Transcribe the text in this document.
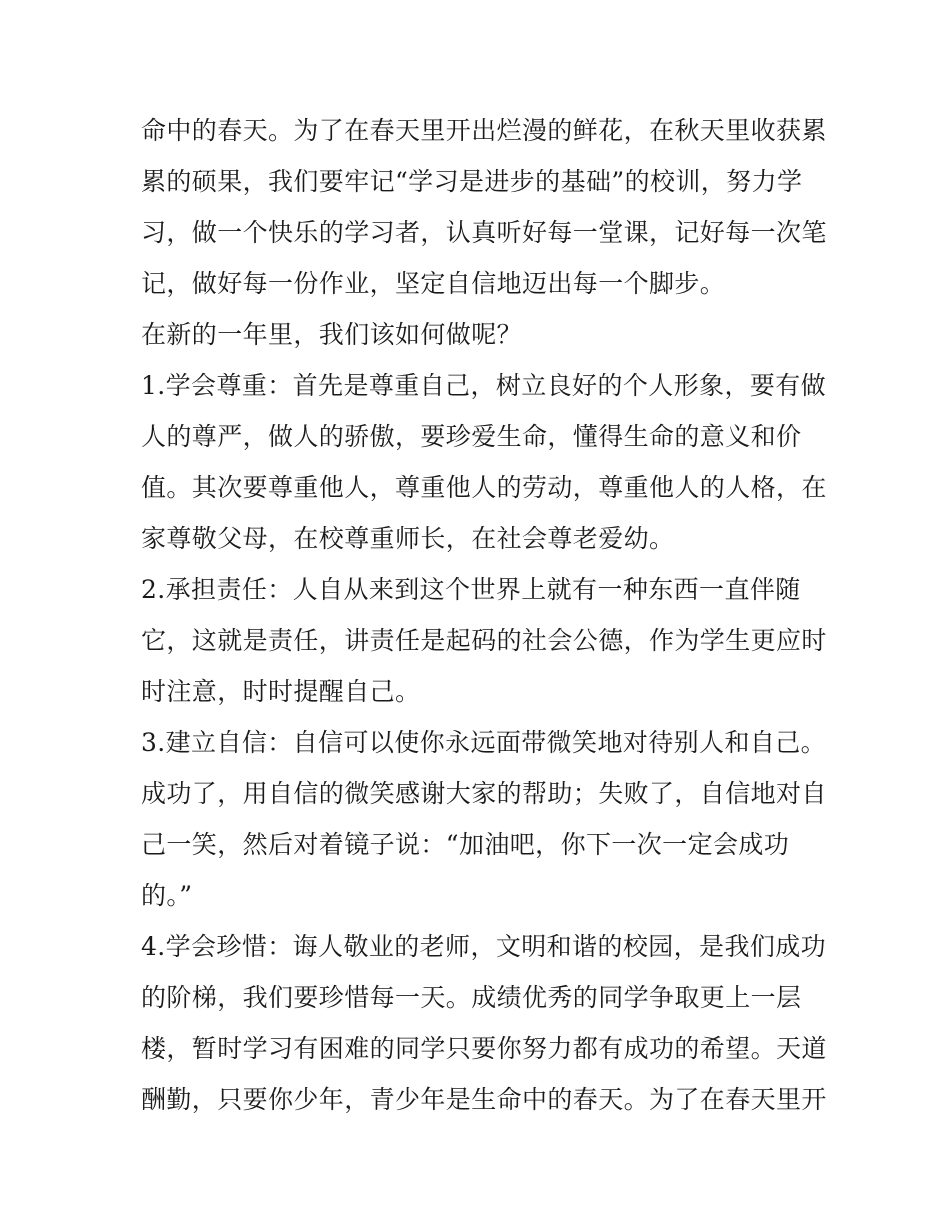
命中的春天。为了在春天里开出烂漫的鲜花，在秋天里收获累
累的硕果，我们要牢记“学习是进步的基础”的校训，努力学
习，做一个快乐的学习者，认真听好每一堂课，记好每一次笔
记，做好每一份作业，坚定自信地迈出每一个脚步。
在新的一年里，我们该如何做呢？
1.学会尊重：首先是尊重自己，树立良好的个人形象，要有做
人的尊严，做人的骄傲，要珍爱生命，懂得生命的意义和价
值。其次要尊重他人，尊重他人的劳动，尊重他人的人格，在
家尊敬父母，在校尊重师长，在社会尊老爱幼。
2.承担责任：人自从来到这个世界上就有一种东西一直伴随
它，这就是责任，讲责任是起码的社会公德，作为学生更应时
时注意，时时提醒自己。
3.建立自信：自信可以使你永远面带微笑地对待别人和自己。
成功了，用自信的微笑感谢大家的帮助；失败了，自信地对自
己一笑，然后对着镜子说：“加油吧，你下一次一定会成功
的。”
4.学会珍惜：诲人敬业的老师，文明和谐的校园，是我们成功
的阶梯，我们要珍惜每一天。成绩优秀的同学争取更上一层
楼，暂时学习有困难的同学只要你努力都有成功的希望。天道
酬勤，只要你少年，青少年是生命中的春天。为了在春天里开
